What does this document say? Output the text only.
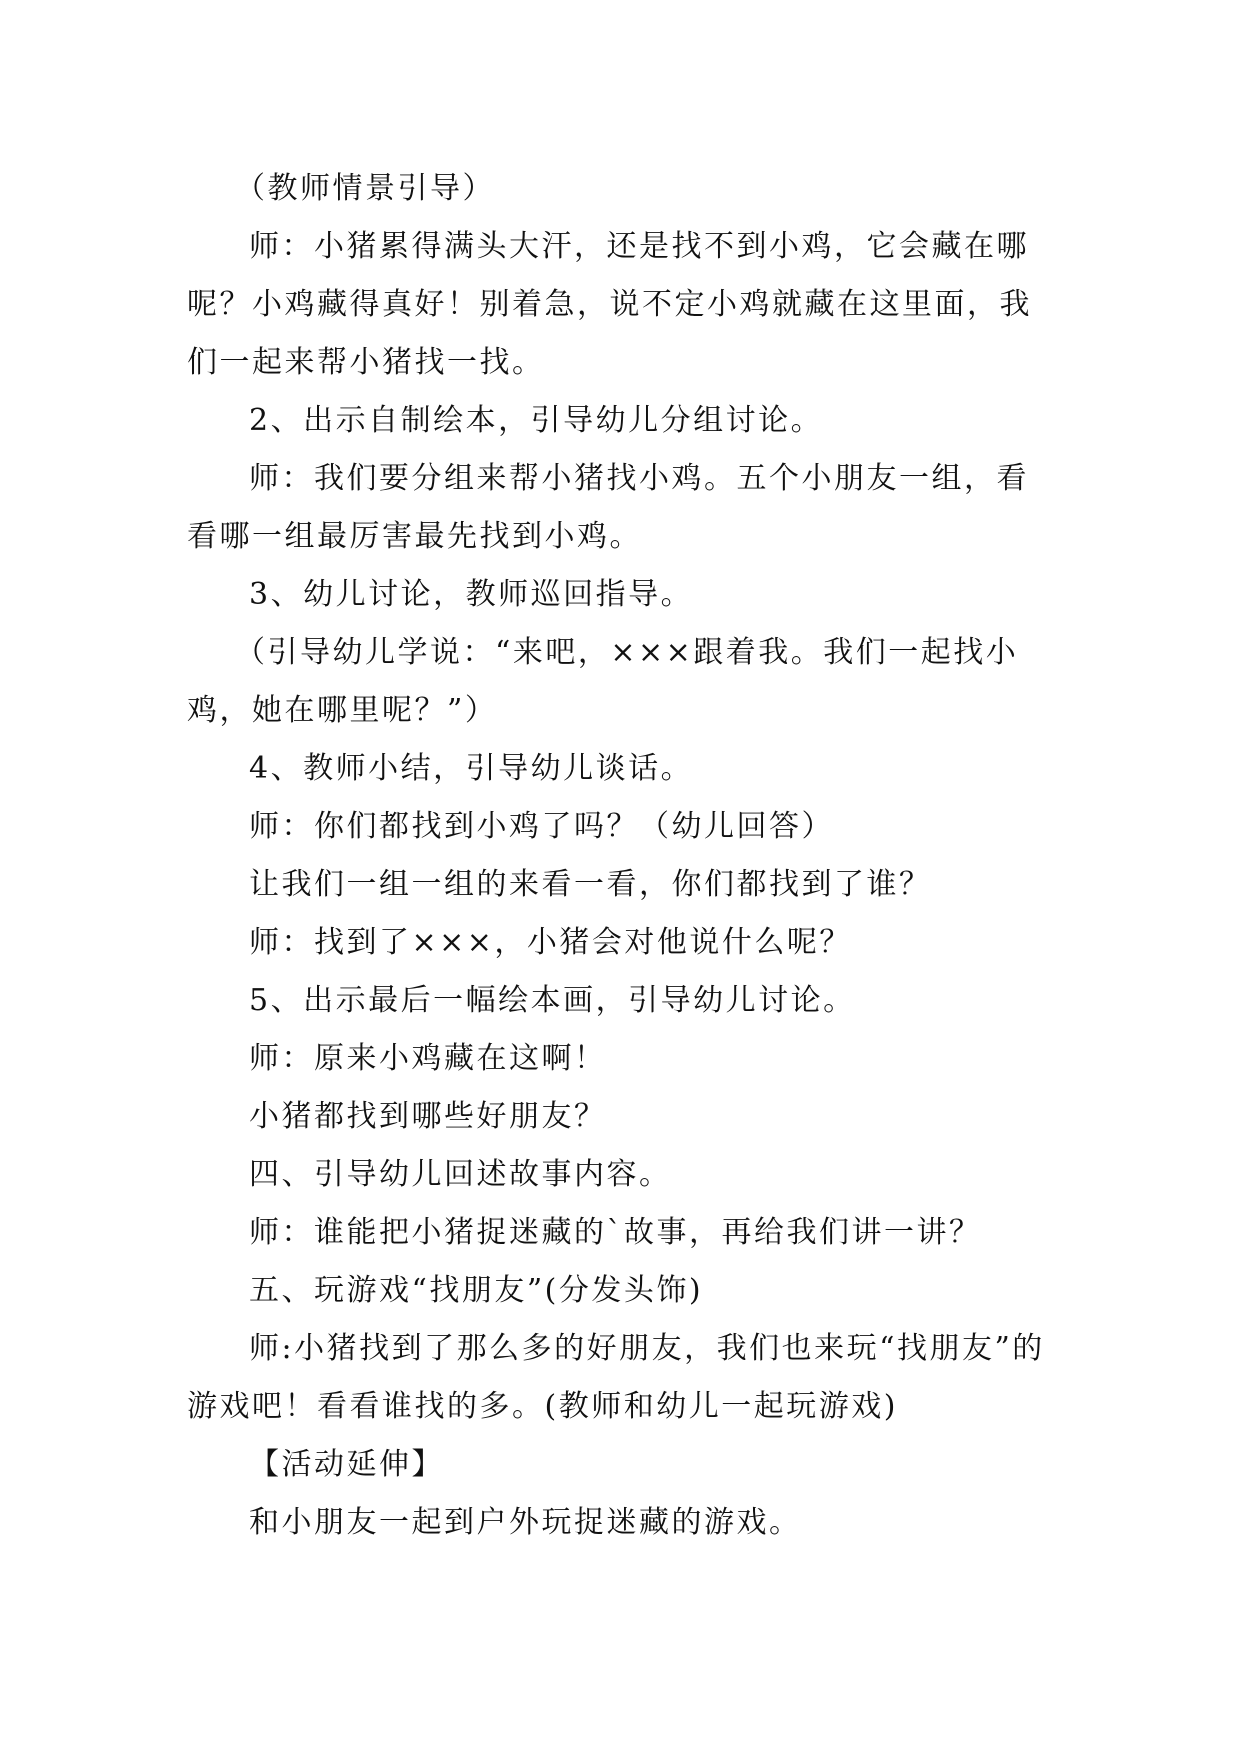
（教师情景引导）

师：小猪累得满头大汗，还是找不到小鸡，它会藏在哪呢？小鸡藏得真好！别着急，说不定小鸡就藏在这里面，我们一起来帮小猪找一找。

2、出示自制绘本，引导幼儿分组讨论。

师：我们要分组来帮小猪找小鸡。五个小朋友一组，看看哪一组最厉害最先找到小鸡。

3、幼儿讨论，教师巡回指导。

（引导幼儿学说：“来吧，×××跟着我。我们一起找小鸡，她在哪里呢？”）

4、教师小结，引导幼儿谈话。

师：你们都找到小鸡了吗？（幼儿回答）

让我们一组一组的来看一看，你们都找到了谁？

师：找到了×××，小猪会对他说什么呢？

5、出示最后一幅绘本画，引导幼儿讨论。

师：原来小鸡藏在这啊！

小猪都找到哪些好朋友？

四、引导幼儿回述故事内容。

师：谁能把小猪捉迷藏的`故事，再给我们讲一讲？

五、玩游戏“找朋友”(分发头饰)

师:小猪找到了那么多的好朋友，我们也来玩“找朋友”的游戏吧！看看谁找的多。(教师和幼儿一起玩游戏)

【活动延伸】

和小朋友一起到户外玩捉迷藏的游戏。
